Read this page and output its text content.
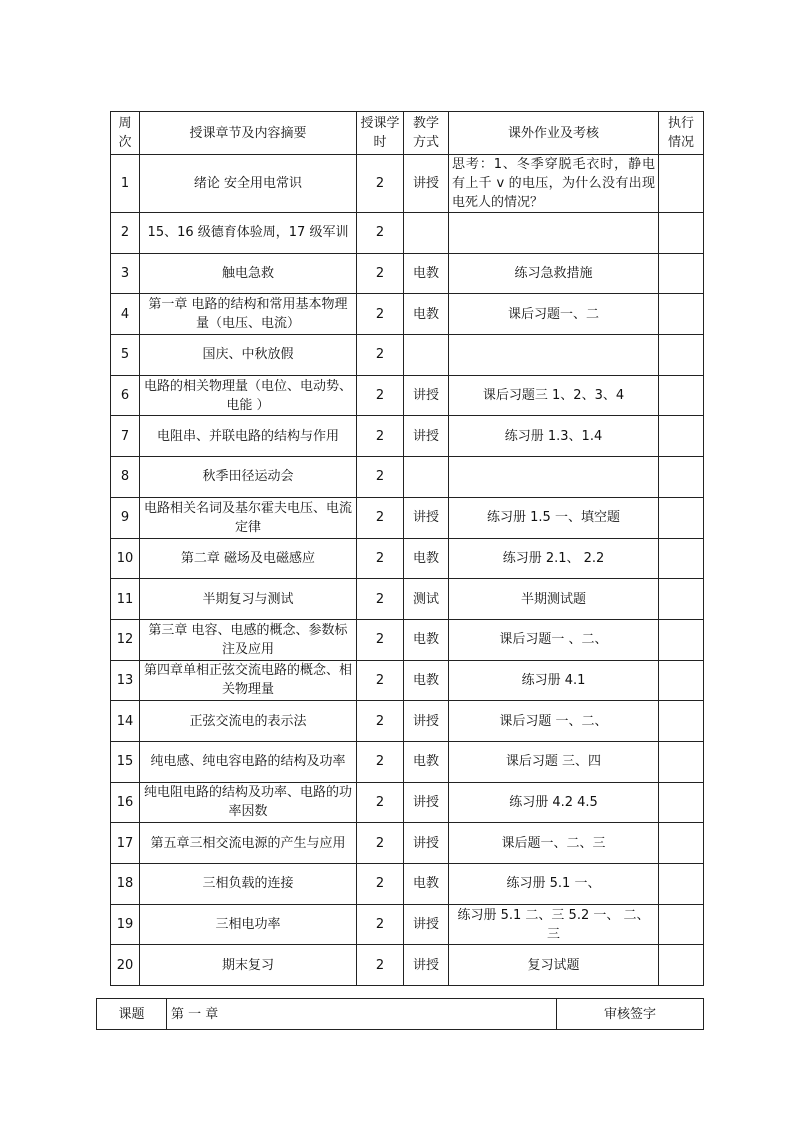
周次	授课章节及内容摘要	授课学时	教学方式	课外作业及考核	执行情况
1	绪论 安全用电常识	2	讲授	思考：1、冬季穿脱毛衣时，静电有上千 v 的电压，为什么没有出现电死人的情况？	
2	15、16 级德育体验周，17 级军训	2			
3	触电急救	2	电教	练习急救措施	
4	第一章 电路的结构和常用基本物理量（电压、电流）	2	电教	课后习题一、二	
5	国庆、中秋放假	2			
6	电路的相关物理量（电位、电动势、电能 ）	2	讲授	课后习题三 1、2、3、4	
7	电阻串、并联电路的结构与作用	2	讲授	练习册 1.3、1.4	
8	秋季田径运动会	2			
9	电路相关名词及基尔霍夫电压、电流定律	2	讲授	练习册 1.5 一、填空题	
10	第二章 磁场及电磁感应	2	电教	练习册 2.1、 2.2	
11	半期复习与测试	2	测试	半期测试题	
12	第三章 电容、电感的概念、参数标注及应用	2	电教	课后习题一 、二、	
13	第四章单相正弦交流电路的概念、相关物理量	2	电教	练习册 4.1	
14	正弦交流电的表示法	2	讲授	课后习题 一、二、	
15	纯电感、纯电容电路的结构及功率	2	电教	课后习题 三、四	
16	纯电阻电路的结构及功率、电路的功率因数	2	讲授	练习册 4.2 4.5	
17	第五章三相交流电源的产生与应用	2	讲授	课后题一、二、三	
18	三相负载的连接	2	电教	练习册 5.1 一、	
19	三相电功率	2	讲授	练习册 5.1 二、三 5.2 一、 二、三	
20	期末复习	2	讲授	复习试题	
课题	第 一 章	审核签字
